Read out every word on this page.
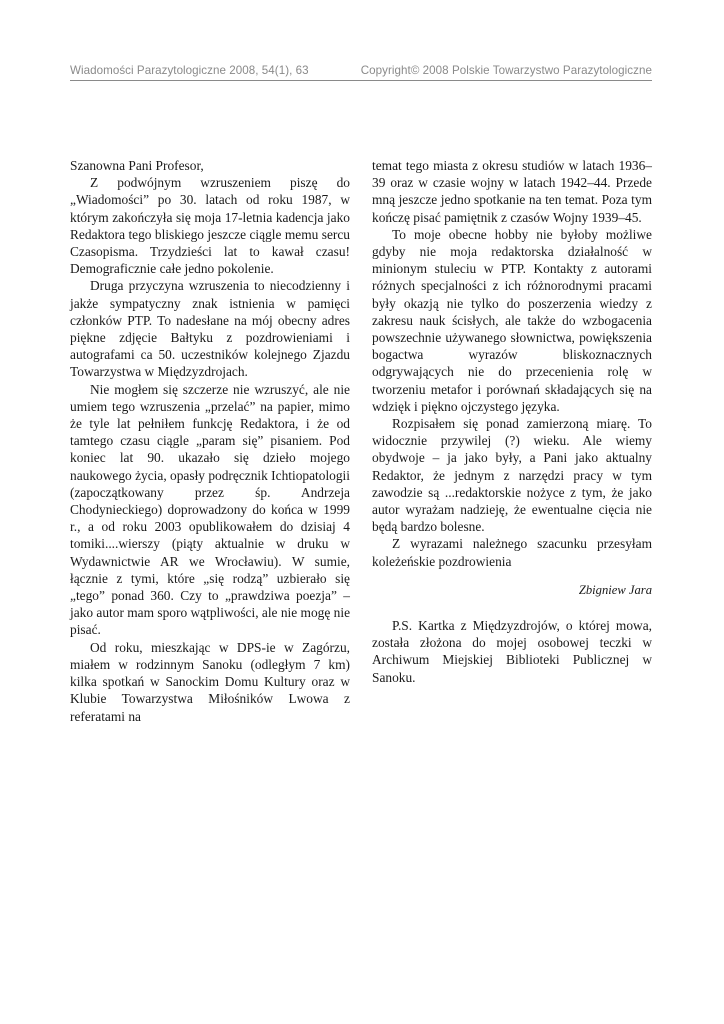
Wiadomości Parazytologiczne 2008, 54(1), 63	Copyright© 2008 Polskie Towarzystwo Parazytologiczne

Szanowna Pani Profesor,

Z podwójnym wzruszeniem piszę do „Wiadomości” po 30. latach od roku 1987, w którym zakończyła się moja 17-letnia kadencja jako Redaktora tego bliskiego jeszcze ciągle memu sercu Czasopisma. Trzydzieści lat to kawał czasu! Demograficznie całe jedno pokolenie.

Druga przyczyna wzruszenia to niecodzienny i jakże sympatyczny znak istnienia w pamięci członków PTP. To nadesłane na mój obecny adres piękne zdjęcie Bałtyku z pozdrowieniami i autografami ca 50. uczestników kolejnego Zjazdu Towarzystwa w Międzyzdrojach.

Nie mogłem się szczerze nie wzruszyć, ale nie umiem tego wzruszenia „przelać” na papier, mimo że tyle lat pełniłem funkcję Redaktora, i że od tamtego czasu ciągle „param się” pisaniem. Pod koniec lat 90. ukazało się dzieło mojego naukowego życia, opasły podręcznik Ichtiopatologii (zapoczątkowany przez śp. Andrzeja Chodynieckiego) doprowadzony do końca w 1999 r., a od roku 2003 opublikowałem do dzisiaj 4 tomiki....wierszy (piąty aktualnie w druku w Wydawnictwie AR we Wrocławiu). W sumie, łącznie z tymi, które „się rodzą” uzbierało się „tego” ponad 360. Czy to „prawdziwa poezja” – jako autor mam sporo wątpliwości, ale nie mogę nie pisać.

Od roku, mieszkając w DPS-ie w Zagórzu, miałem w rodzinnym Sanoku (odległym 7 km) kilka spotkań w Sanockim Domu Kultury oraz w Klubie Towarzystwa Miłośników Lwowa z referatami na

temat tego miasta z okresu studiów w latach 1936–39 oraz w czasie wojny w latach 1942–44. Przede mną jeszcze jedno spotkanie na ten temat. Poza tym kończę pisać pamiętnik z czasów Wojny 1939–45.

To moje obecne hobby nie byłoby możliwe gdyby nie moja redaktorska działalność w minionym stuleciu w PTP. Kontakty z autorami różnych specjalności z ich różnorodnymi pracami były okazją nie tylko do poszerzenia wiedzy z zakresu nauk ścisłych, ale także do wzbogacenia powszechnie używanego słownictwa, powiększenia bogactwa wyrazów bliskoznacznych odgrywających nie do przecenienia rolę w tworzeniu metafor i porównań składających się na wdzięk i piękno ojczystego języka.

Rozpisałem się ponad zamierzoną miarę. To widocznie przywilej (?) wieku. Ale wiemy obydwoje – ja jako były, a Pani jako aktualny Redaktor, że jednym z narzędzi pracy w tym zawodzie są ...redaktorskie nożyce z tym, że jako autor wyrażam nadzieję, że ewentualne cięcia nie będą bardzo bolesne.

Z wyrazami należnego szacunku przesyłam koleżeńskie pozdrowienia

Zbigniew Jara

P.S. Kartka z Międzyzdrojów, o której mowa, została złożona do mojej osobowej teczki w Archiwum Miejskiej Biblioteki Publicznej w Sanoku.
